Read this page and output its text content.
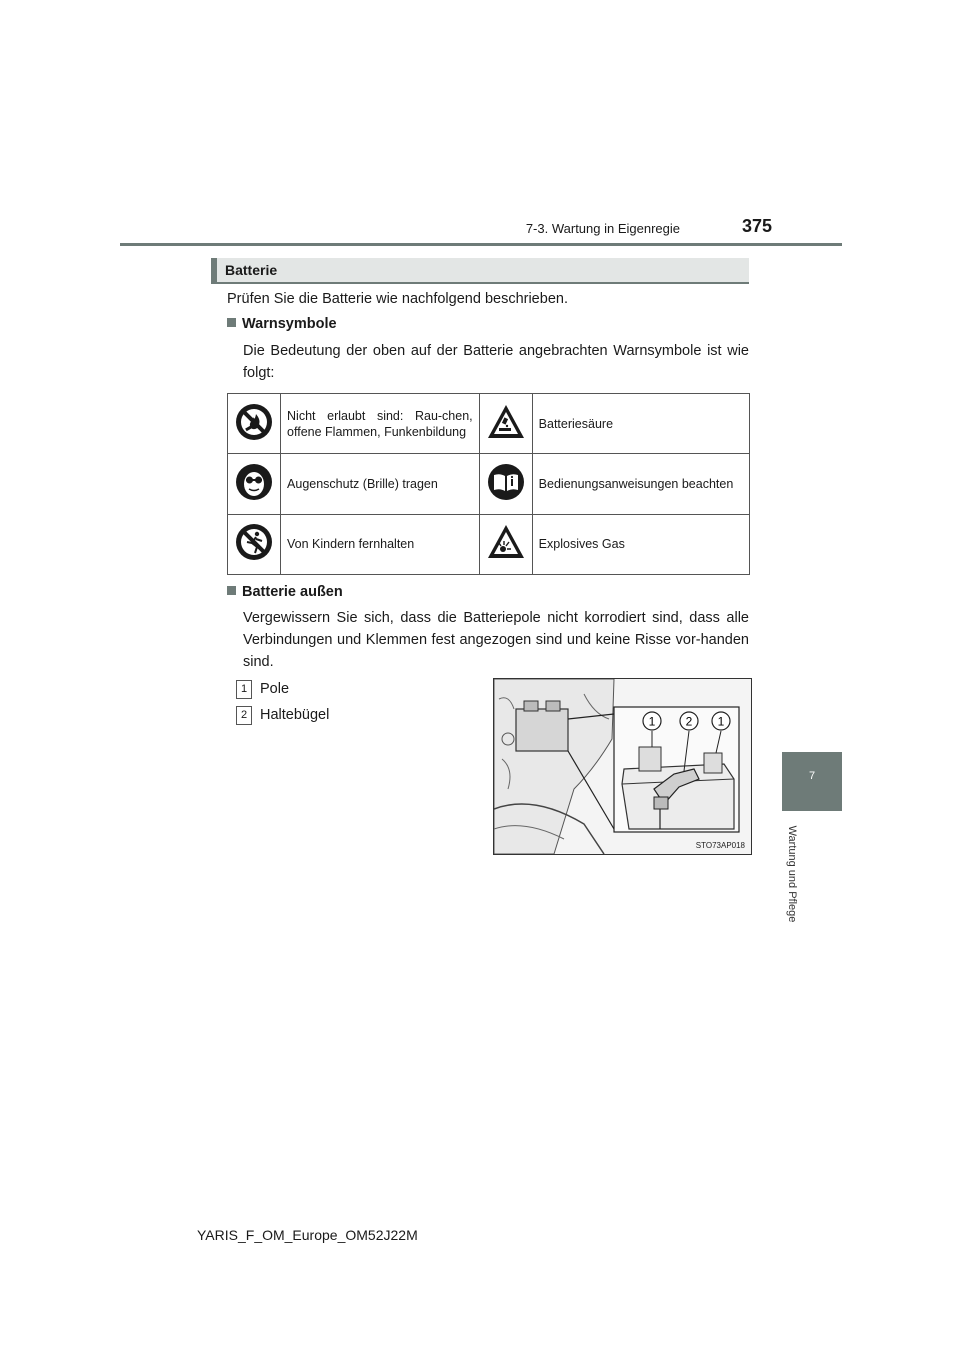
7-3. Wartung in Eigenregie	375
7
Wartung und Pflege
Batterie
Prüfen Sie die Batterie wie nachfolgend beschrieben.
Warnsymbole
Die Bedeutung der oben auf der Batterie angebrachten Warnsymbole ist wie folgt:
	Nicht erlaubt sind: Rau-chen, offene Flammen, Funkenbildung		Batteriesäure
	Augenschutz (Brille) tragen		Bedienungsanweisungen beachten
	Von Kindern fernhalten		Explosives Gas
Batterie außen
Vergewissern Sie sich, dass die Batteriepole nicht korrodiert sind, dass alle Verbindungen und Klemmen fest angezogen sind und keine Risse vor-handen sind.
1 Pole
2 Haltebügel	1	2 1
STO73AP018
YARIS_F_OM_Europe_OM52J22M
